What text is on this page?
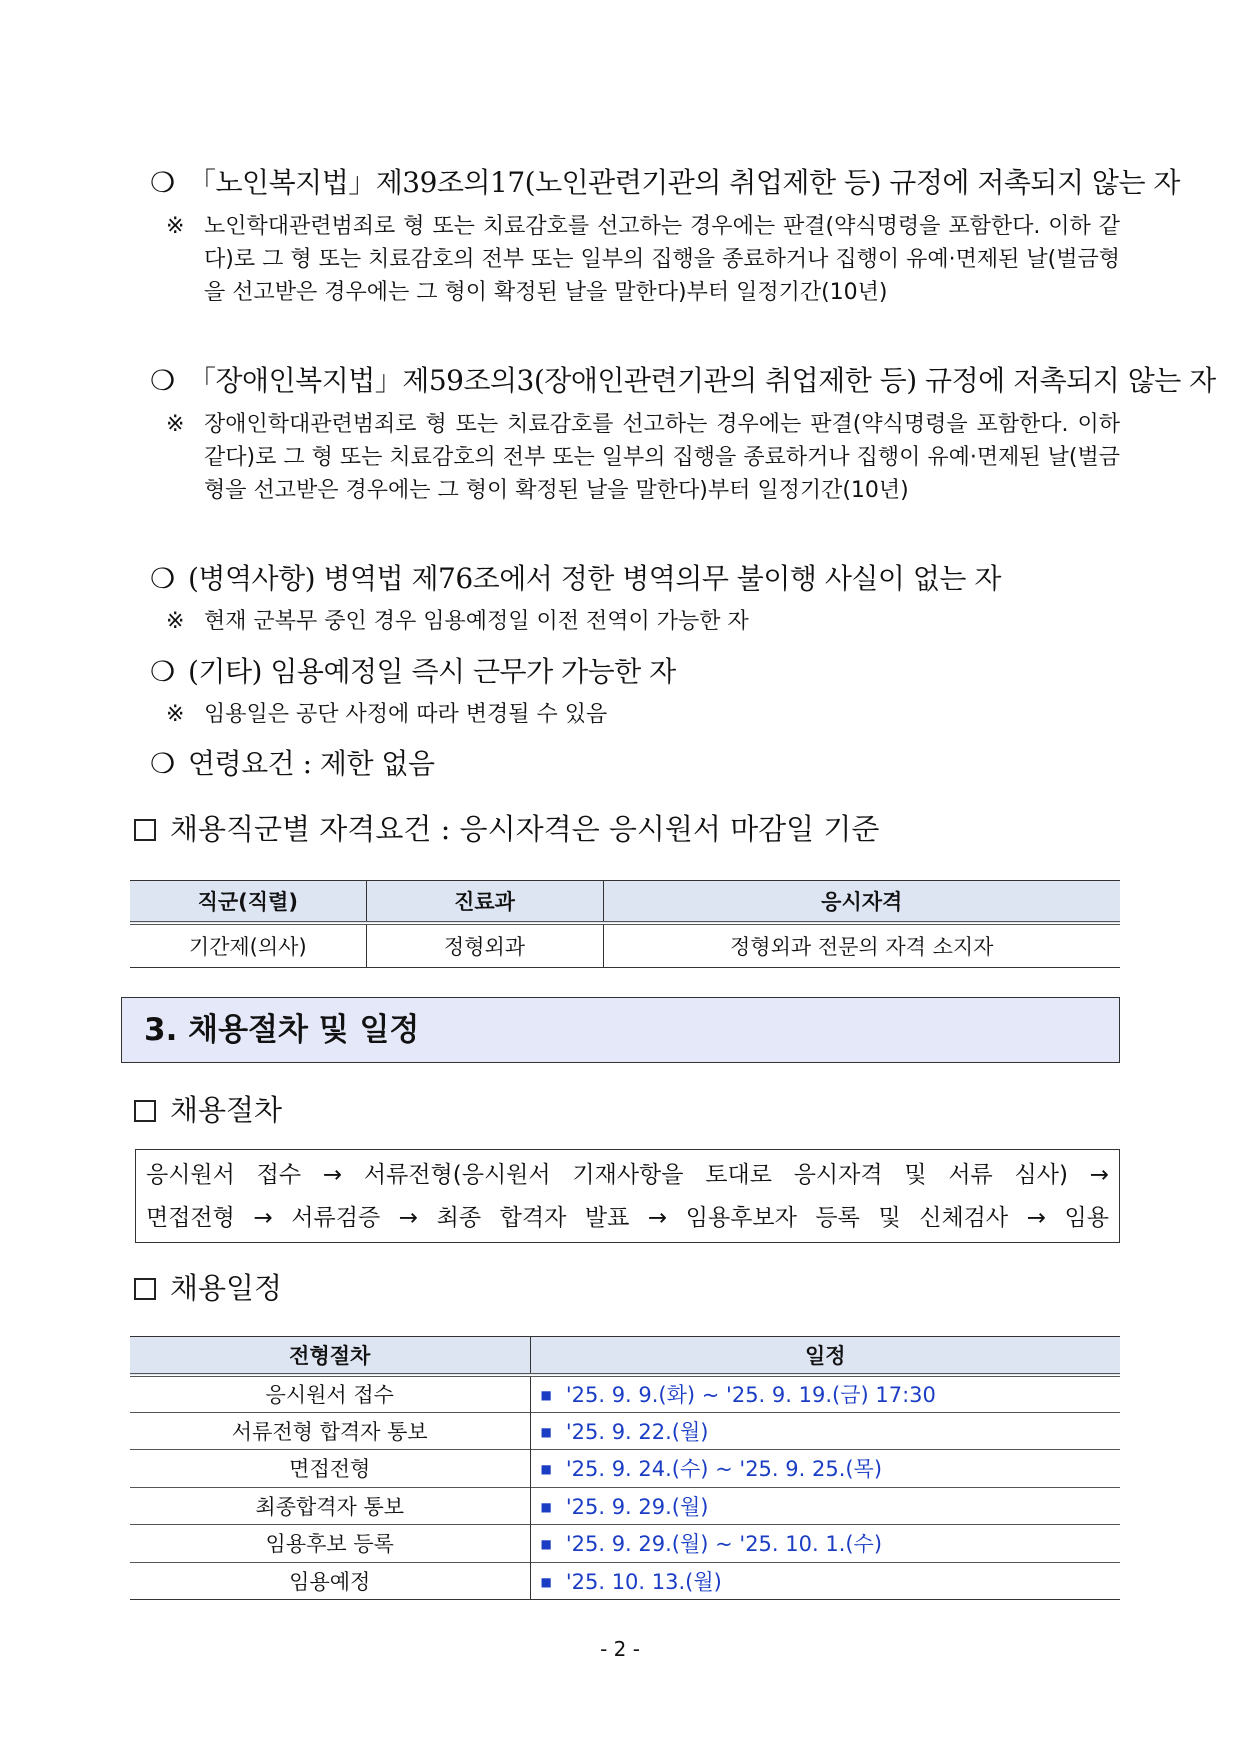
❍ 「노인복지법」제39조의17(노인관련기관의 취업제한 등) 규정에 저촉되지 않는 자
※ 노인학대관련범죄로 형 또는 치료감호를 선고하는 경우에는 판결(약식명령을 포함한다. 이하 같다)로 그 형 또는 치료감호의 전부 또는 일부의 집행을 종료하거나 집행이 유예·면제된 날(벌금형을 선고받은 경우에는 그 형이 확정된 날을 말한다)부터 일정기간(10년)
❍ 「장애인복지법」제59조의3(장애인관련기관의 취업제한 등) 규정에 저촉되지 않는 자
※ 장애인학대관련범죄로 형 또는 치료감호를 선고하는 경우에는 판결(약식명령을 포함한다. 이하 같다)로 그 형 또는 치료감호의 전부 또는 일부의 집행을 종료하거나 집행이 유예·면제된 날(벌금형을 선고받은 경우에는 그 형이 확정된 날을 말한다)부터 일정기간(10년)
❍ (병역사항) 병역법 제76조에서 정한 병역의무 불이행 사실이 없는 자
※ 현재 군복무 중인 경우 임용예정일 이전 전역이 가능한 자
❍ (기타) 임용예정일 즉시 근무가 가능한 자
※ 임용일은 공단 사정에 따라 변경될 수 있음
❍ 연령요건 : 제한 없음
채용직군별 자격요건 : 응시자격은 응시원서 마감일 기준
직군(직렬)	진료과	응시자격
기간제(의사)	정형외과	정형외과 전문의 자격 소지자
3. 채용절차 및 일정
채용절차
응시원서 접수 → 서류전형(응시원서 기재사항을 토대로 응시자격 및 서류 심사) →
면접전형 → 서류검증 → 최종 합격자 발표 → 임용후보자 등록 및 신체검사 → 임용
채용일정
전형절차	일정
응시원서 접수	■ '25. 9. 9.(화) ~ '25. 9. 19.(금) 17:30
서류전형 합격자 통보	■ '25. 9. 22.(월)
면접전형	■ '25. 9. 24.(수) ~ '25. 9. 25.(목)
최종합격자 통보	■ '25. 9. 29.(월)
임용후보 등록	■ '25. 9. 29.(월) ~ '25. 10. 1.(수)
임용예정	■ '25. 10. 13.(월)
- 2 -
